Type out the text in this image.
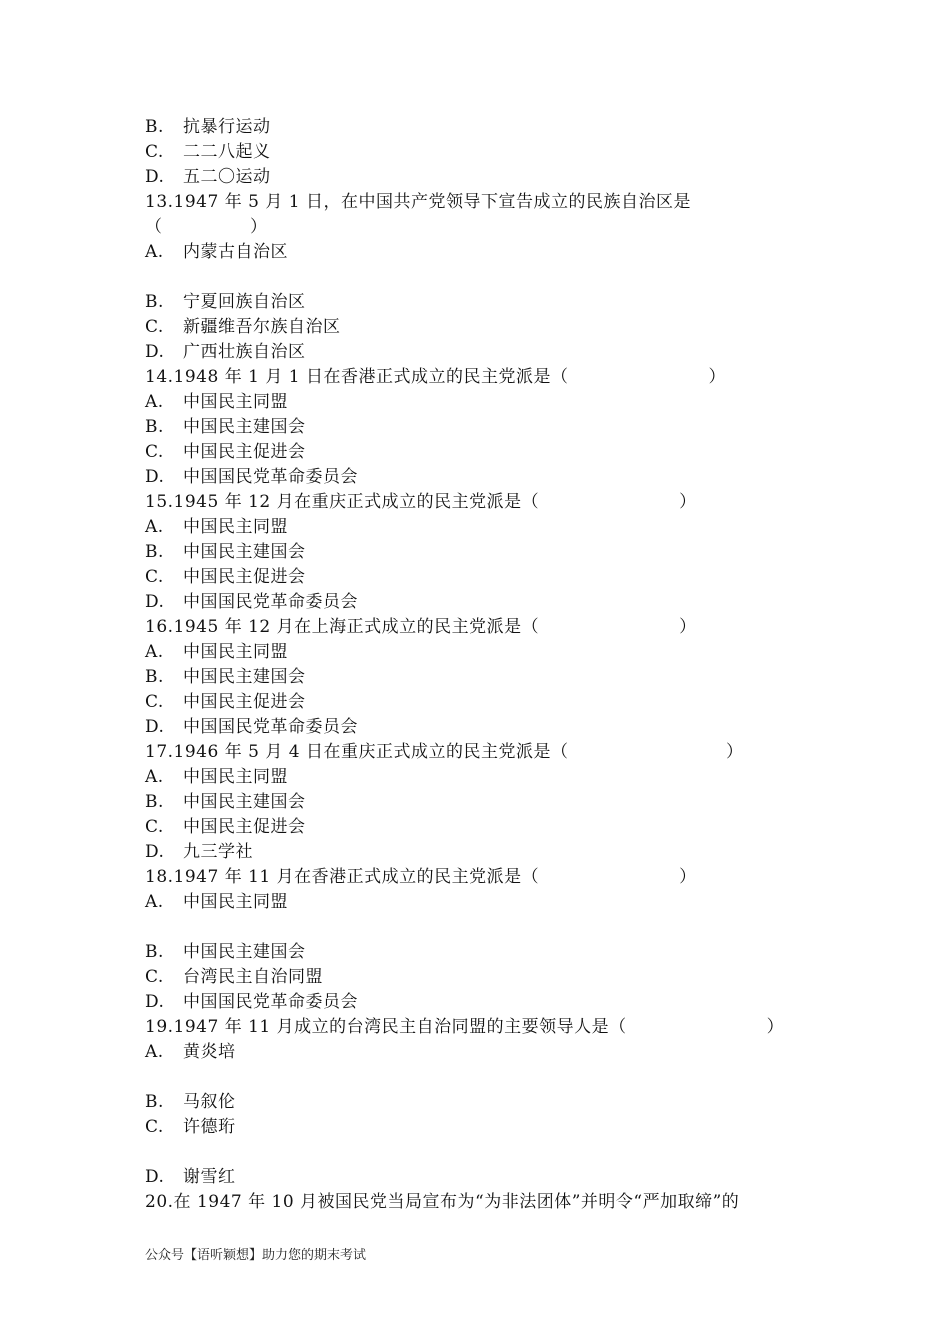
B. 抗暴行运动
C. 二二八起义
D. 五二〇运动
13.1947 年 5 月 1 日，在中国共产党领导下宣告成立的民族自治区是
（　　　　　）
A. 内蒙古自治区
B. 宁夏回族自治区
C. 新疆维吾尔族自治区
D. 广西壮族自治区
14.1948 年 1 月 1 日在香港正式成立的民主党派是（　　　　　　　　）
A. 中国民主同盟
B. 中国民主建国会
C. 中国民主促进会
D. 中国国民党革命委员会
15.1945 年 12 月在重庆正式成立的民主党派是（　　　　　　　　）
A. 中国民主同盟
B. 中国民主建国会
C. 中国民主促进会
D. 中国国民党革命委员会
16.1945 年 12 月在上海正式成立的民主党派是（　　　　　　　　）
A. 中国民主同盟
B. 中国民主建国会
C. 中国民主促进会
D. 中国国民党革命委员会
17.1946 年 5 月 4 日在重庆正式成立的民主党派是（　　　　　　　　　）
A. 中国民主同盟
B. 中国民主建国会
C. 中国民主促进会
D. 九三学社
18.1947 年 11 月在香港正式成立的民主党派是（　　　　　　　　）
A. 中国民主同盟
B. 中国民主建国会
C. 台湾民主自治同盟
D. 中国国民党革命委员会
19.1947 年 11 月成立的台湾民主自治同盟的主要领导人是（　　　　　　　　）
A. 黄炎培
B. 马叙伦
C. 许德珩
D. 谢雪红
20.在 1947 年 10 月被国民党当局宣布为“为非法团体”并明令“严加取缔”的
公众号【语听颖想】助力您的期末考试
